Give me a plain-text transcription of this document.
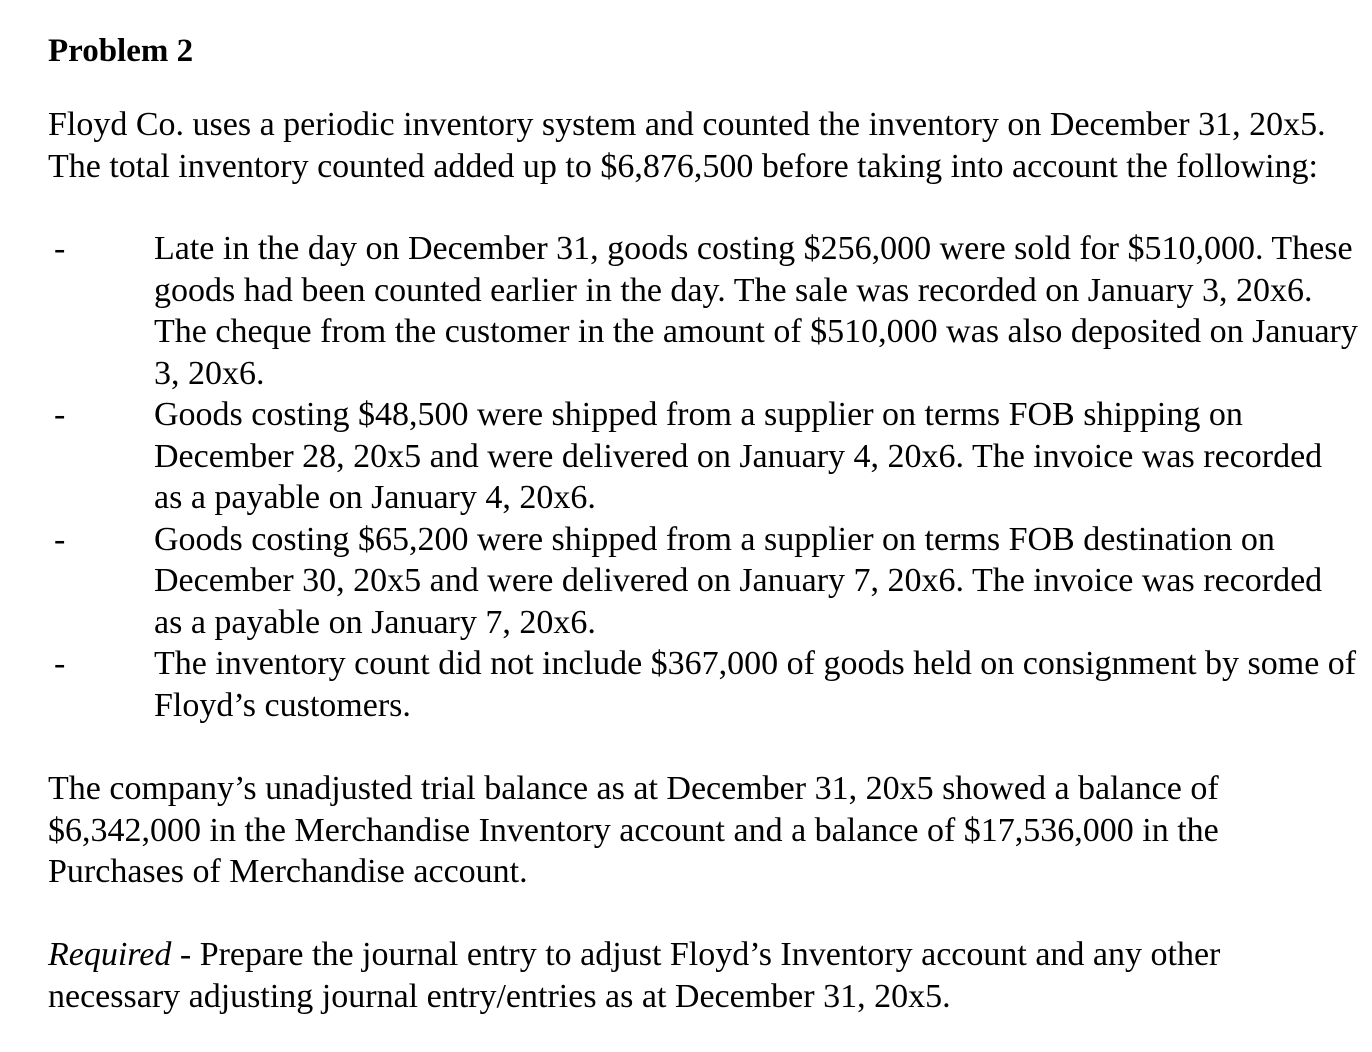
Problem 2
Floyd Co. uses a periodic inventory system and counted the inventory on December 31, 20x5. The total inventory counted added up to $6,876,500 before taking into account the following:
-	Late in the day on December 31, goods costing $256,000 were sold for $510,000. These goods had been counted earlier in the day. The sale was recorded on January 3, 20x6. The cheque from the customer in the amount of $510,000 was also deposited on January 3, 20x6.
-	Goods costing $48,500 were shipped from a supplier on terms FOB shipping on December 28, 20x5 and were delivered on January 4, 20x6. The invoice was recorded as a payable on January 4, 20x6.
-	Goods costing $65,200 were shipped from a supplier on terms FOB destination on December 30, 20x5 and were delivered on January 7, 20x6. The invoice was recorded as a payable on January 7, 20x6.
-	The inventory count did not include $367,000 of goods held on consignment by some of Floyd’s customers.
The company’s unadjusted trial balance as at December 31, 20x5 showed a balance of $6,342,000 in the Merchandise Inventory account and a balance of $17,536,000 in the Purchases of Merchandise account.
Required - Prepare the journal entry to adjust Floyd’s Inventory account and any other necessary adjusting journal entry/entries as at December 31, 20x5.
